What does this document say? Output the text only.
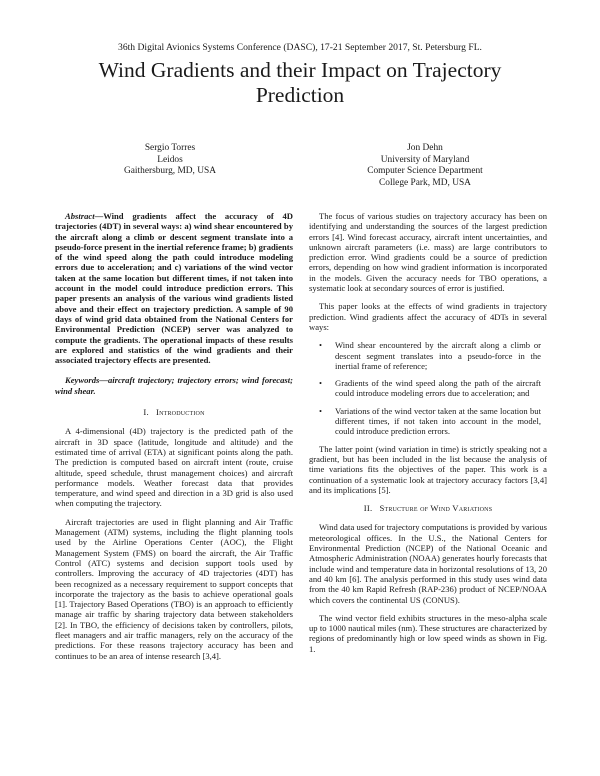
36th Digital Avionics Systems Conference (DASC), 17-21 September 2017, St. Petersburg FL.
Wind Gradients and their Impact on Trajectory Prediction
Sergio Torres
Leidos
Gaithersburg, MD, USA
Jon Dehn
University of Maryland
Computer Science Department
College Park, MD, USA

Abstract—Wind gradients affect the accuracy of 4D trajectories (4DT) in several ways: a) wind shear encountered by the aircraft along a climb or descent segment translate into a pseudo-force present in the inertial reference frame; b) gradients of the wind speed along the path could introduce modeling errors due to acceleration; and c) variations of the wind vector taken at the same location but different times, if not taken into account in the model could introduce prediction errors. This paper presents an analysis of the various wind gradients listed above and their effect on trajectory prediction. A sample of 90 days of wind grid data obtained from the National Centers for Environmental Prediction (NCEP) server was analyzed to compute the gradients. The operational impacts of these results are explored and statistics of the wind gradients and their associated trajectory effects are presented.

Keywords—aircraft trajectory; trajectory errors; wind forecast; wind shear.

I. Introduction

A 4-dimensional (4D) trajectory is the predicted path of the aircraft in 3D space (latitude, longitude and altitude) and the estimated time of arrival (ETA) at significant points along the path. The prediction is computed based on aircraft intent (route, cruise altitude, speed schedule, thrust management choices) and aircraft performance models. Weather forecast data that provides temperature, and wind speed and direction in a 3D grid is also used when computing the trajectory.

Aircraft trajectories are used in flight planning and Air Traffic Management (ATM) systems, including the flight planning tools used by the Airline Operations Center (AOC), the Flight Management System (FMS) on board the aircraft, the Air Traffic Control (ATC) systems and decision support tools used by controllers. Improving the accuracy of 4D trajectories (4DT) has been recognized as a necessary requirement to support concepts that incorporate the trajectory as the basis to achieve operational goals [1]. Trajectory Based Operations (TBO) is an approach to efficiently manage air traffic by sharing trajectory data between stakeholders [2]. In TBO, the efficiency of decisions taken by controllers, pilots, fleet managers and air traffic managers, rely on the accuracy of the predictions. For these reasons trajectory accuracy has been and continues to be an area of intense research [3,4].

The focus of various studies on trajectory accuracy has been on identifying and understanding the sources of the largest prediction errors [4]. Wind forecast accuracy, aircraft intent uncertainties, and unknown aircraft parameters (i.e. mass) are large contributors to prediction error. Wind gradients could be a source of prediction errors, depending on how wind gradient information is incorporated in the models. Given the accuracy needs for TBO operations, a systematic look at secondary sources of error is justified.

This paper looks at the effects of wind gradients in trajectory prediction. Wind gradients affect the accuracy of 4DTs in several ways:

• Wind shear encountered by the aircraft along a climb or descent segment translates into a pseudo-force in the inertial frame of reference;
• Gradients of the wind speed along the path of the aircraft could introduce modeling errors due to acceleration; and
• Variations of the wind vector taken at the same location but different times, if not taken into account in the model, could introduce prediction errors.

The latter point (wind variation in time) is strictly speaking not a gradient, but has been included in the list because the analysis of time variations fits the objectives of the paper. This work is a continuation of a systematic look at trajectory accuracy factors [3,4] and its implications [5].

II. Structure of Wind Variations

Wind data used for trajectory computations is provided by various meteorological offices. In the U.S., the National Centers for Environmental Prediction (NCEP) of the National Oceanic and Atmospheric Administration (NOAA) generates hourly forecasts that include wind and temperature data in horizontal resolutions of 13, 20 and 40 km [6]. The analysis performed in this study uses wind data from the 40 km Rapid Refresh (RAP-236) product of NCEP/NOAA which covers the continental US (CONUS).

The wind vector field exhibits structures in the meso-alpha scale up to 1000 nautical miles (nm). These structures are characterized by regions of predominantly high or low speed winds as shown in Fig. 1.
